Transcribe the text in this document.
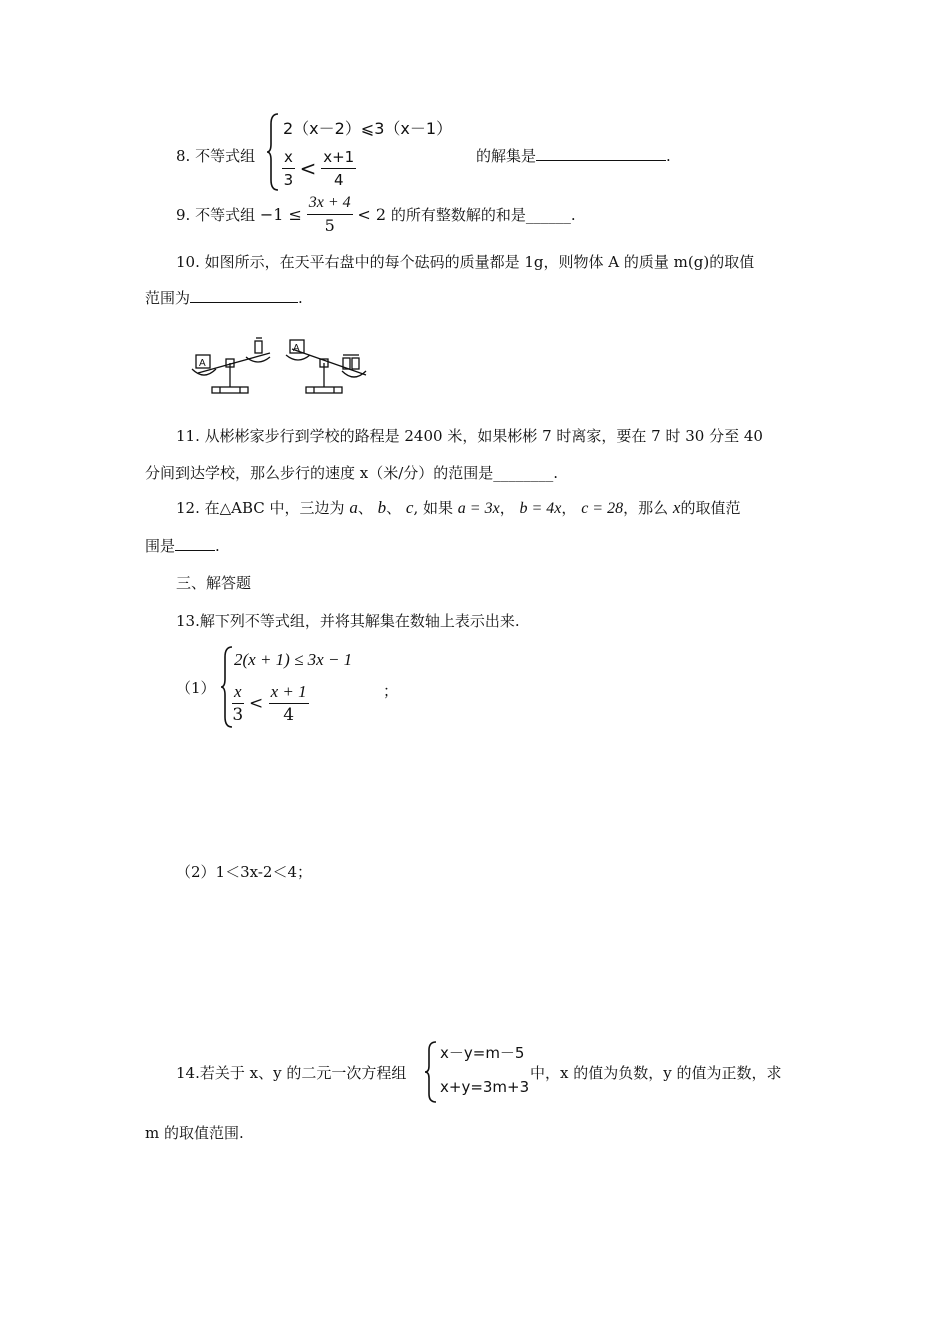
8. 不等式组
2（x－2）⩽3（x－1）
$\frac{x}{3} < \frac{x+1}{4}$	的解集是	.
9. 不等式组 $-1 \le \frac{3x + 4}{5} < 2$ 的所有整数解的和是______.
10. 如图所示，在天平右盘中的每个砝码的质量都是 1g，则物体 A 的质量 m(g)的取值
范围为	.
A
A
11. 从彬彬家步行到学校的路程是 2400 米，如果彬彬 7 时离家，要在 7 时 30 分至 40
分间到达学校，那么步行的速度 x（米/分）的范围是________.
12. 在△ABC 中，三边为 a、 b、 c, 如果 a = 3x， b = 4x， c = 28，那么 x的取值范
围是	.
三、解答题
13.解下列不等式组，并将其解集在数轴上表示出来.
（1）
2(x + 1) ≤ 3x − 1
$\frac{x}{3} < \frac{x + 1}{4}$	；
（2）1＜3x-2＜4；
14.若关于 x、y 的二元一次方程组
x－y=m－5
x+y=3m+3
中，x 的值为负数，y 的值为正数，求
m 的取值范围.
